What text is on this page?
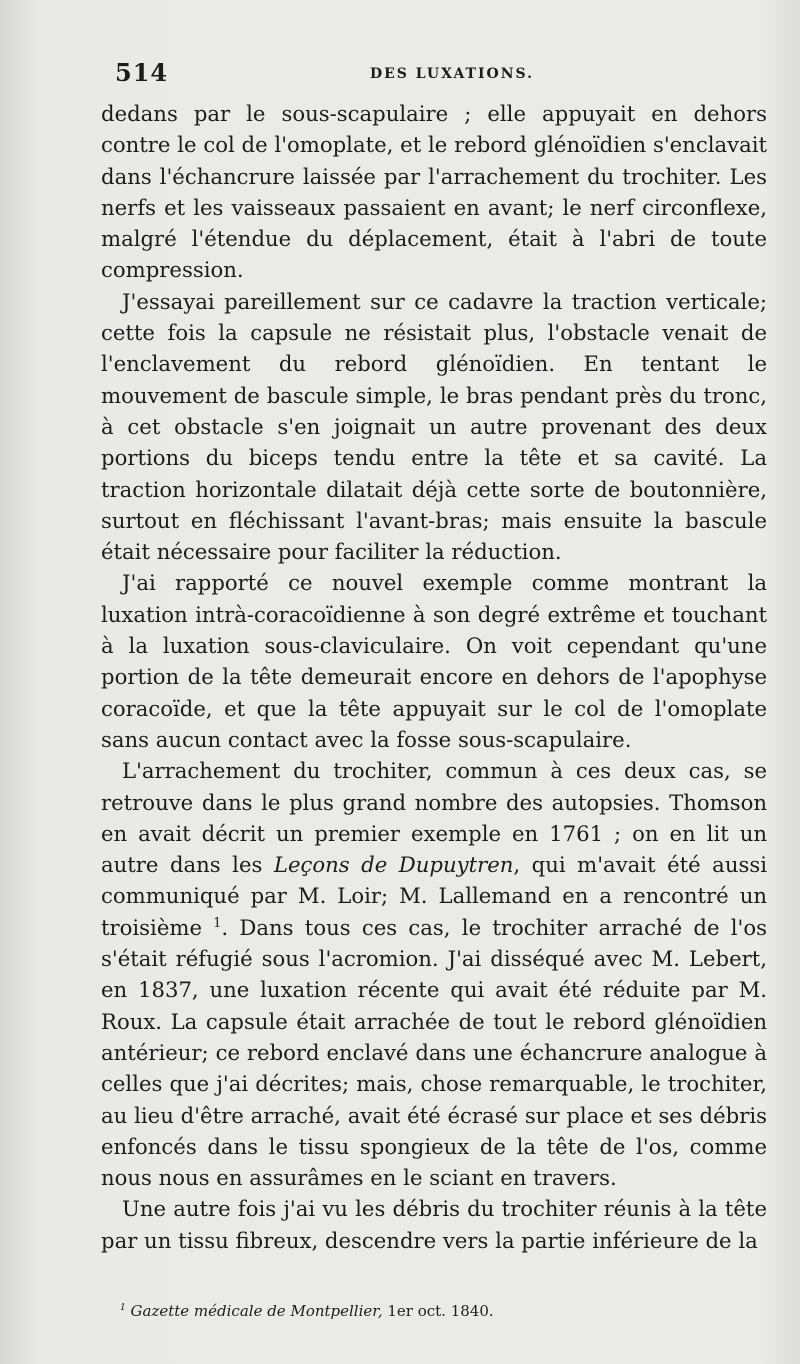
514	DES LUXATIONS.

dedans par le sous-scapulaire ; elle appuyait en dehors contre le col de l'omoplate, et le rebord glénoïdien s'enclavait dans l'échancrure laissée par l'arrachement du trochiter. Les nerfs et les vaisseaux passaient en avant; le nerf circonflexe, malgré l'étendue du déplacement, était à l'abri de toute compression.

J'essayai pareillement sur ce cadavre la traction verticale; cette fois la capsule ne résistait plus, l'obstacle venait de l'enclavement du rebord glénoïdien. En tentant le mouvement de bascule simple, le bras pendant près du tronc, à cet obstacle s'en joignait un autre provenant des deux portions du biceps tendu entre la tête et sa cavité. La traction horizontale dilatait déjà cette sorte de boutonnière, surtout en fléchissant l'avant-bras; mais ensuite la bascule était nécessaire pour faciliter la réduction.

J'ai rapporté ce nouvel exemple comme montrant la luxation intrà-coracoïdienne à son degré extrême et touchant à la luxation sous-claviculaire. On voit cependant qu'une portion de la tête demeurait encore en dehors de l'apophyse coracoïde, et que la tête appuyait sur le col de l'omoplate sans aucun contact avec la fosse sous-scapulaire.

L'arrachement du trochiter, commun à ces deux cas, se retrouve dans le plus grand nombre des autopsies. Thomson en avait décrit un premier exemple en 1761 ; on en lit un autre dans les Leçons de Dupuytren, qui m'avait été aussi communiqué par M. Loir; M. Lallemand en a rencontré un troisième $^1$. Dans tous ces cas, le trochiter arraché de l'os s'était réfugié sous l'acromion. J'ai disséqué avec M. Lebert, en 1837, une luxation récente qui avait été réduite par M. Roux. La capsule était arrachée de tout le rebord glénoïdien antérieur; ce rebord enclavé dans une échancrure analogue à celles que j'ai décrites; mais, chose remarquable, le trochiter, au lieu d'être arraché, avait été écrasé sur place et ses débris enfoncés dans le tissu spongieux de la tête de l'os, comme nous nous en assurâmes en le sciant en travers.

Une autre fois j'ai vu les débris du trochiter réunis à la tête par un tissu fibreux, descendre vers la partie inférieure de la

$^1$ Gazette médicale de Montpellier, 1er oct. 1840.
